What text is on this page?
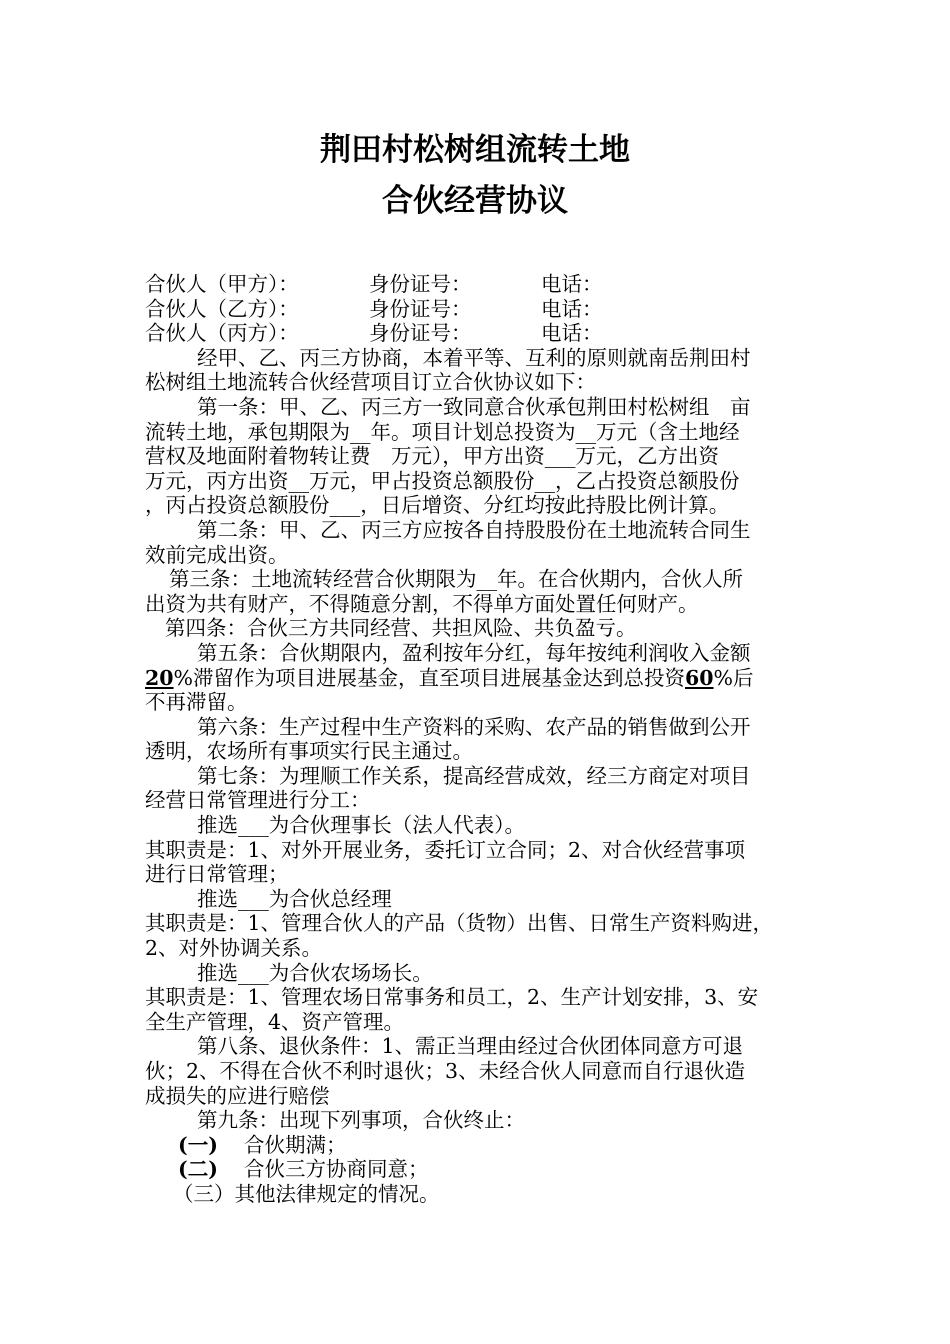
荆田村松树组流转土地
合伙经营协议
合伙人（甲方）：	身份证号：	电话：
合伙人（乙方）：	身份证号：	电话：
合伙人（丙方）：	身份证号：	电话：
经甲、乙、丙三方协商，本着平等、互利的原则就南岳荆田村
松树组土地流转合伙经营项目订立合伙协议如下：
第一条：甲、乙、丙三方一致同意合伙承包荆田村松树组　亩
流转土地，承包期限为__年。项目计划总投资为__万元（含土地经
营权及地面附着物转让费　万元），甲方出资___万元，乙方出资
万元，丙方出资__万元，甲占投资总额股份__，乙占投资总额股份
，丙占投资总额股份___，日后增资、分红均按此持股比例计算。
第二条：甲、乙、丙三方应按各自持股股份在土地流转合同生
效前完成出资。
第三条：土地流转经营合伙期限为__年。在合伙期内，合伙人所
出资为共有财产，不得随意分割，不得单方面处置任何财产。
第四条：合伙三方共同经营、共担风险、共负盈亏。
第五条：合伙期限内，盈利按年分红，每年按纯利润收入金额
20%滞留作为项目进展基金，直至项目进展基金达到总投资60%后
不再滞留。
第六条：生产过程中生产资料的采购、农产品的销售做到公开
透明，农场所有事项实行民主通过。
第七条：为理顺工作关系，提高经营成效，经三方商定对项目
经营日常管理进行分工：
推选___为合伙理事长（法人代表）。
其职责是：1、对外开展业务，委托订立合同；2、对合伙经营事项
进行日常管理；
推选___为合伙总经理
其职责是：1、管理合伙人的产品（货物）出售、日常生产资料购进，
2、对外协调关系。
推选___为合伙农场场长。
其职责是：1、管理农场日常事务和员工，2、生产计划安排，3、安
全生产管理，4、资产管理。
第八条、退伙条件：1、需正当理由经过合伙团体同意方可退
伙；2、不得在合伙不利时退伙；3、未经合伙人同意而自行退伙造
成损失的应进行赔偿
第九条：出现下列事项，合伙终止：
(一) 合伙期满；
(二) 合伙三方协商同意；
（三）其他法律规定的情况。
